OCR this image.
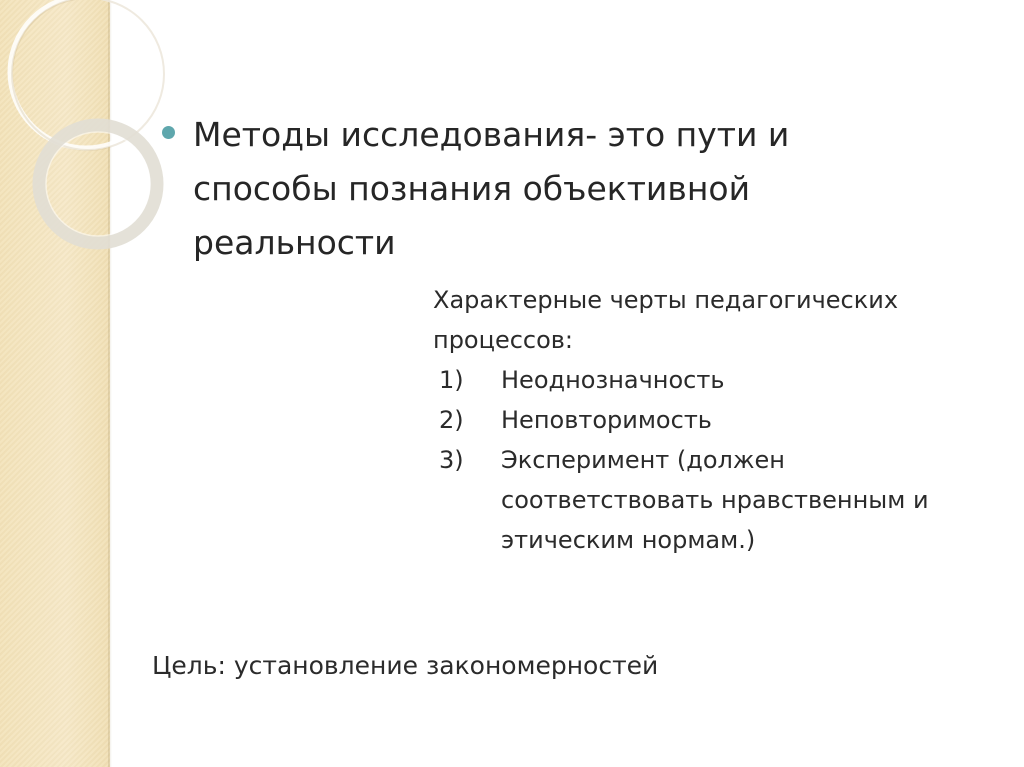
Методы исследования- это пути и способы познания объективной реальности
Характерные черты педагогических процессов:
1)	Неоднозначность
2)	Неповторимость
3)	Эксперимент (должен соответствовать нравственным и этическим нормам.)
Цель: установление закономерностей
